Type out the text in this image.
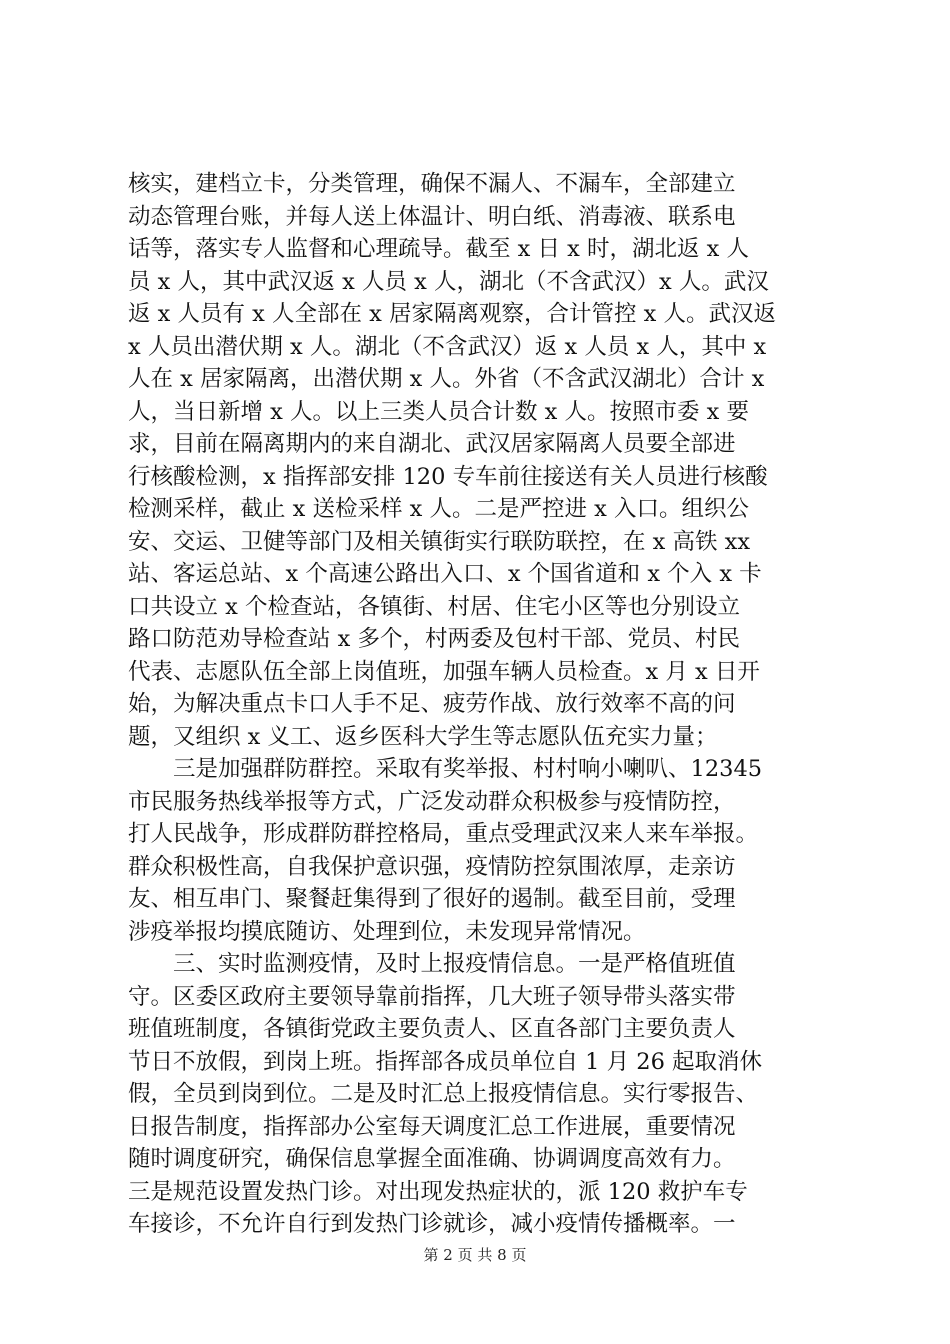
核实，建档立卡，分类管理，确保不漏人、不漏车，全部建立
动态管理台账，并每人送上体温计、明白纸、消毒液、联系电
话等，落实专人监督和心理疏导。截至 x 日 x 时，湖北返 x 人
员 x 人，其中武汉返 x 人员 x 人，湖北（不含武汉）x 人。武汉
返 x 人员有 x 人全部在 x 居家隔离观察，合计管控 x 人。武汉返
x 人员出潜伏期 x 人。湖北（不含武汉）返 x 人员 x 人，其中 x
人在 x 居家隔离，出潜伏期 x 人。外省（不含武汉湖北）合计 x
人，当日新增 x 人。以上三类人员合计数 x 人。按照市委 x 要
求，目前在隔离期内的来自湖北、武汉居家隔离人员要全部进
行核酸检测，x 指挥部安排 120 专车前往接送有关人员进行核酸
检测采样，截止 x 送检采样 x 人。二是严控进 x 入口。组织公
安、交运、卫健等部门及相关镇街实行联防联控，在 x 高铁 xx
站、客运总站、x 个高速公路出入口、x 个国省道和 x 个入 x 卡
口共设立 x 个检查站，各镇街、村居、住宅小区等也分别设立
路口防范劝导检查站 x 多个，村两委及包村干部、党员、村民
代表、志愿队伍全部上岗值班，加强车辆人员检查。x 月 x 日开
始，为解决重点卡口人手不足、疲劳作战、放行效率不高的问
题，又组织 x 义工、返乡医科大学生等志愿队伍充实力量；
　　三是加强群防群控。采取有奖举报、村村响小喇叭、12345
市民服务热线举报等方式，广泛发动群众积极参与疫情防控，
打人民战争，形成群防群控格局，重点受理武汉来人来车举报。
群众积极性高，自我保护意识强，疫情防控氛围浓厚，走亲访
友、相互串门、聚餐赶集得到了很好的遏制。截至目前，受理
涉疫举报均摸底随访、处理到位，未发现异常情况。
　　三、实时监测疫情，及时上报疫情信息。一是严格值班值
守。区委区政府主要领导靠前指挥，几大班子领导带头落实带
班值班制度，各镇街党政主要负责人、区直各部门主要负责人
节日不放假，到岗上班。指挥部各成员单位自 1 月 26 起取消休
假，全员到岗到位。二是及时汇总上报疫情信息。实行零报告、
日报告制度，指挥部办公室每天调度汇总工作进展，重要情况
随时调度研究，确保信息掌握全面准确、协调调度高效有力。
三是规范设置发热门诊。对出现发热症状的，派 120 救护车专
车接诊，不允许自行到发热门诊就诊，减小疫情传播概率。一
第 2 页 共 8 页
